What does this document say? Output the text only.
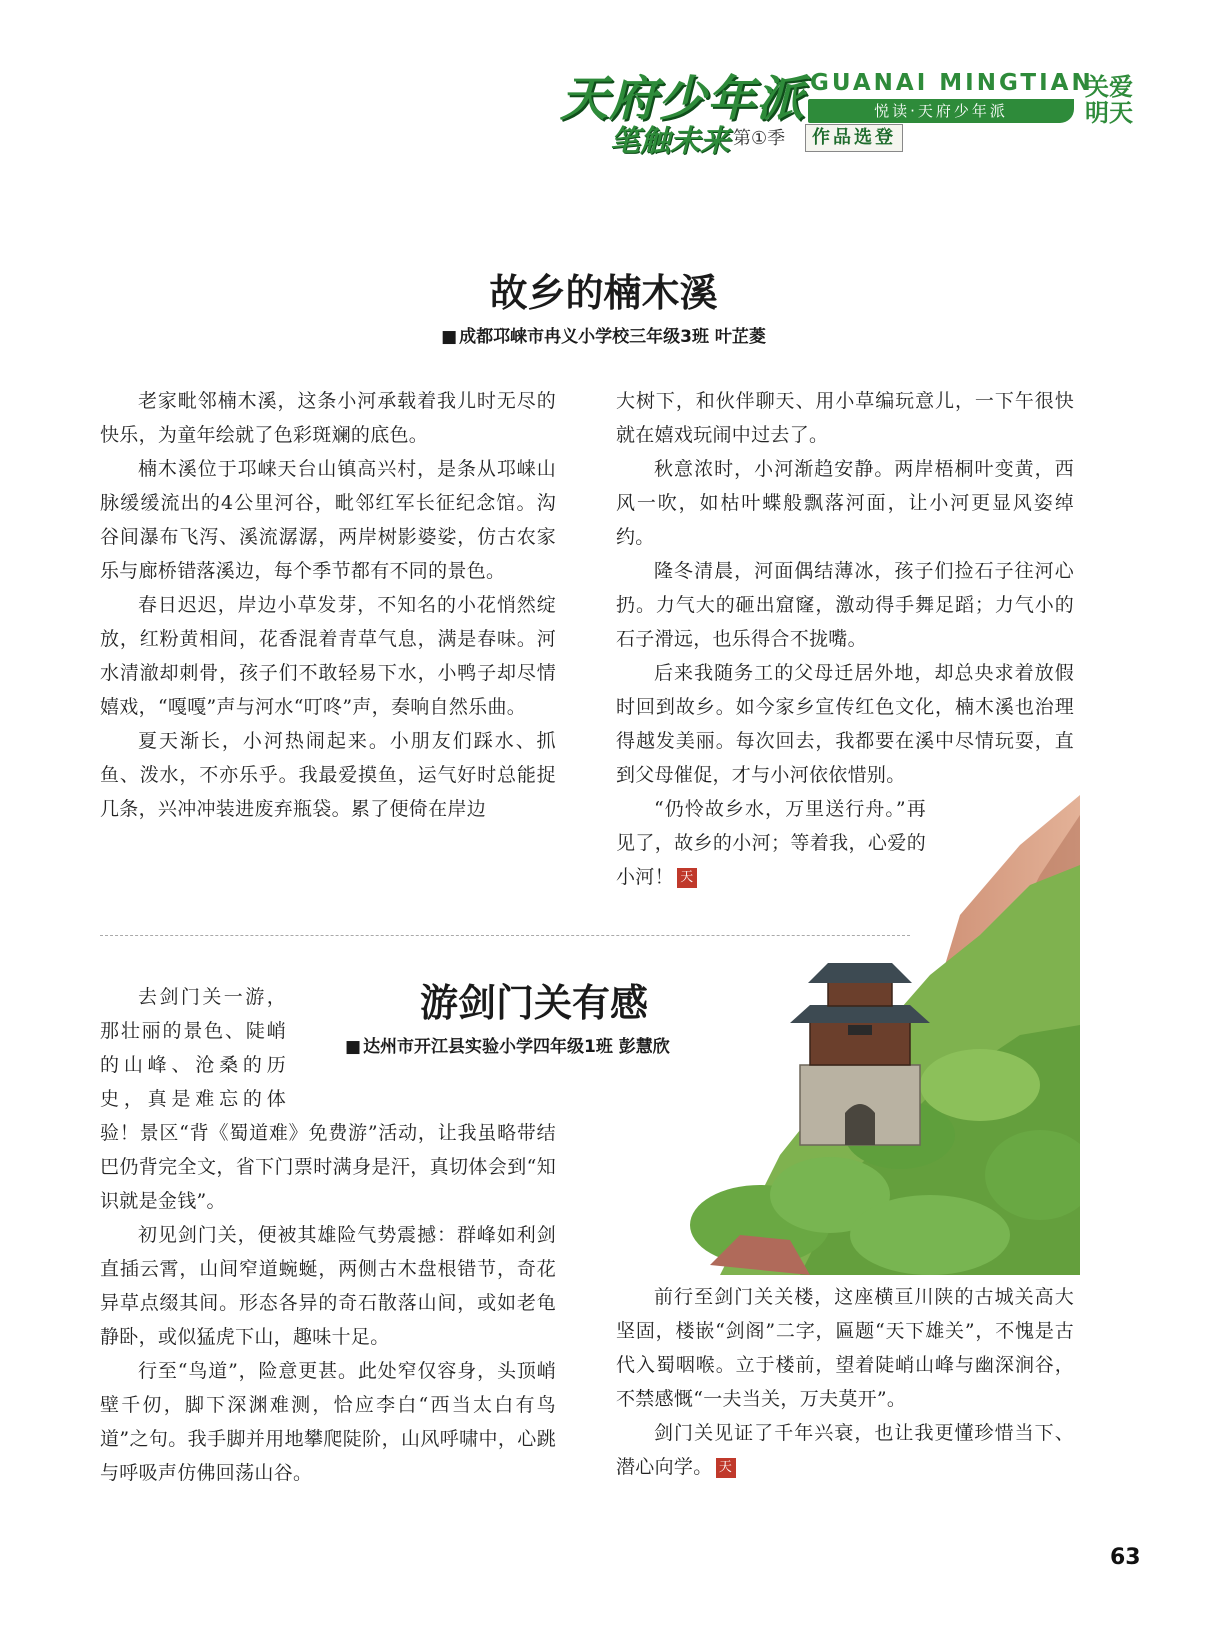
天府少年派
笔触未来 第①季	作品选登
GUANAI MINGTIAN
悦读·天府少年派
关爱明天
故乡的楠木溪
■ 成都邛崃市冉义小学校三年级3班 叶芷菱

老家毗邻楠木溪，这条小河承载着我儿时无尽的快乐，为童年绘就了色彩斑斓的底色。

楠木溪位于邛崃天台山镇高兴村，是条从邛崃山脉缓缓流出的4公里河谷，毗邻红军长征纪念馆。沟谷间瀑布飞泻、溪流潺潺，两岸树影婆娑，仿古农家乐与廊桥错落溪边，每个季节都有不同的景色。

春日迟迟，岸边小草发芽，不知名的小花悄然绽放，红粉黄相间，花香混着青草气息，满是春味。河水清澈却刺骨，孩子们不敢轻易下水，小鸭子却尽情嬉戏，“嘎嘎”声与河水“叮咚”声，奏响自然乐曲。

夏天渐长，小河热闹起来。小朋友们踩水、抓鱼、泼水，不亦乐乎。我最爱摸鱼，运气好时总能捉几条，兴冲冲装进废弃瓶袋。累了便倚在岸边

大树下，和伙伴聊天、用小草编玩意儿，一下午很快就在嬉戏玩闹中过去了。

秋意浓时，小河渐趋安静。两岸梧桐叶变黄，西风一吹，如枯叶蝶般飘落河面，让小河更显风姿绰约。

隆冬清晨，河面偶结薄冰，孩子们捡石子往河心扔。力气大的砸出窟窿，激动得手舞足蹈；力气小的石子滑远，也乐得合不拢嘴。

后来我随务工的父母迁居外地，却总央求着放假时回到故乡。如今家乡宣传红色文化，楠木溪也治理得越发美丽。每次回去，我都要在溪中尽情玩耍，直到父母催促，才与小河依依惜别。

“仍怜故乡水，万里送行舟。”再见了，故乡的小河；等着我，心爱的小河！ 天

游剑门关有感
■ 达州市开江县实验小学四年级1班 彭慧欣

去剑门关一游，那壮丽的景色、陡峭的山峰、沧桑的历史，真是难忘的体验！景区“背《蜀道难》免费游”活动，让我虽略带结巴仍背完全文，省下门票时满身是汗，真切体会到“知识就是金钱”。

初见剑门关，便被其雄险气势震撼：群峰如利剑直插云霄，山间窄道蜿蜒，两侧古木盘根错节，奇花异草点缀其间。形态各异的奇石散落山间，或如老龟静卧，或似猛虎下山，趣味十足。

行至“鸟道”，险意更甚。此处窄仅容身，头顶峭壁千仞，脚下深渊难测，恰应李白“西当太白有鸟道”之句。我手脚并用地攀爬陡阶，山风呼啸中，心跳与呼吸声仿佛回荡山谷。

前行至剑门关关楼，这座横亘川陕的古城关高大坚固，楼嵌“剑阁”二字，匾题“天下雄关”，不愧是古代入蜀咽喉。立于楼前，望着陡峭山峰与幽深涧谷，不禁感慨“一夫当关，万夫莫开”。

剑门关见证了千年兴衰，也让我更懂珍惜当下、潜心向学。 天

63
